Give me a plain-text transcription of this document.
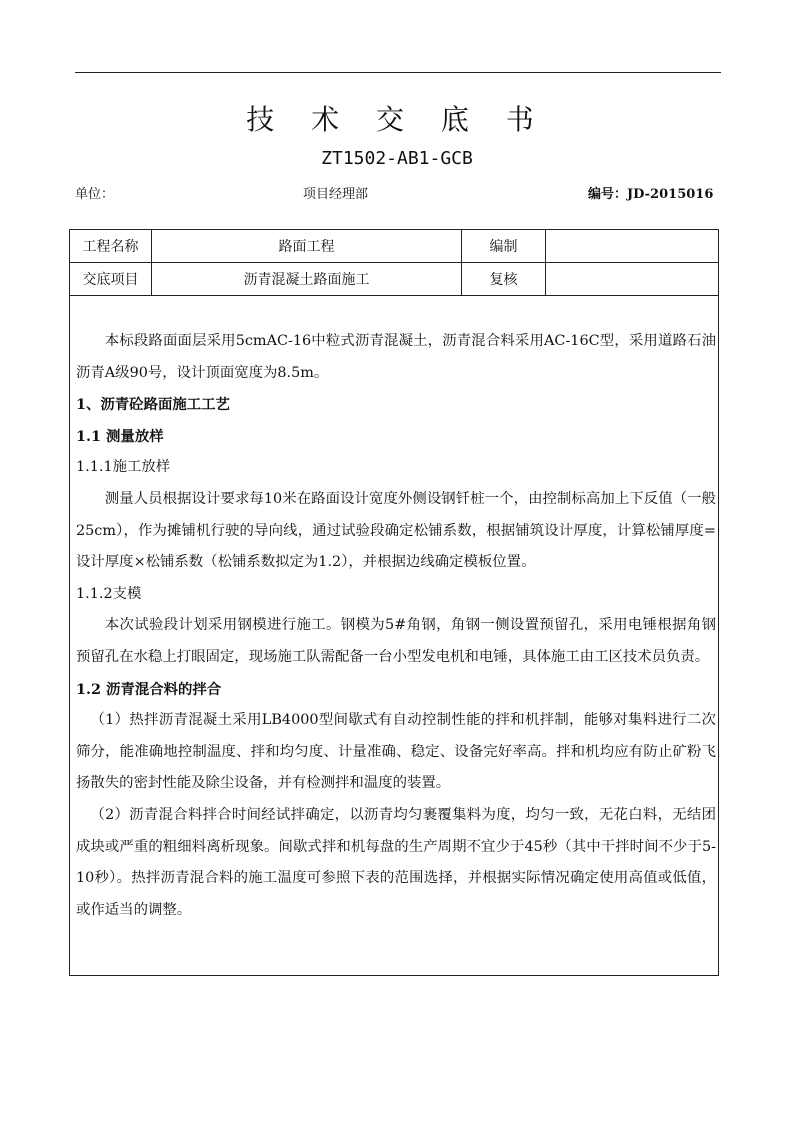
技 术 交 底 书
ZT1502-AB1-GCB
单位：	项目经理部	编号：JD-2015016
工程名称	路面工程	编制
交底项目	沥青混凝土路面施工	复核

本标段路面面层采用5cmAC-16中粒式沥青混凝土，沥青混合料采用AC-16C型，采用道路石油沥青A级90号，设计顶面宽度为8.5m。

1、沥青砼路面施工工艺

1.1 测量放样

1.1.1施工放样

测量人员根据设计要求每10米在路面设计宽度外侧设钢钎桩一个，由控制标高加上下反值（一般25cm），作为摊铺机行驶的导向线，通过试验段确定松铺系数，根据铺筑设计厚度，计算松铺厚度=设计厚度×松铺系数（松铺系数拟定为1.2），并根据边线确定模板位置。

1.1.2支模

本次试验段计划采用钢模进行施工。钢模为5#角钢，角钢一侧设置预留孔，采用电锤根据角钢预留孔在水稳上打眼固定，现场施工队需配备一台小型发电机和电锤，具体施工由工区技术员负责。

1.2 沥青混合料的拌合

（1）热拌沥青混凝土采用LB4000型间歇式有自动控制性能的拌和机拌制，能够对集料进行二次筛分，能准确地控制温度、拌和均匀度、计量准确、稳定、设备完好率高。拌和机均应有防止矿粉飞扬散失的密封性能及除尘设备，并有检测拌和温度的装置。

（2）沥青混合料拌合时间经试拌确定，以沥青均匀裹覆集料为度，均匀一致，无花白料，无结团成块或严重的粗细料离析现象。间歇式拌和机每盘的生产周期不宜少于45秒（其中干拌时间不少于5-10秒）。热拌沥青混合料的施工温度可参照下表的范围选择，并根据实际情况确定使用高值或低值，或作适当的调整。
